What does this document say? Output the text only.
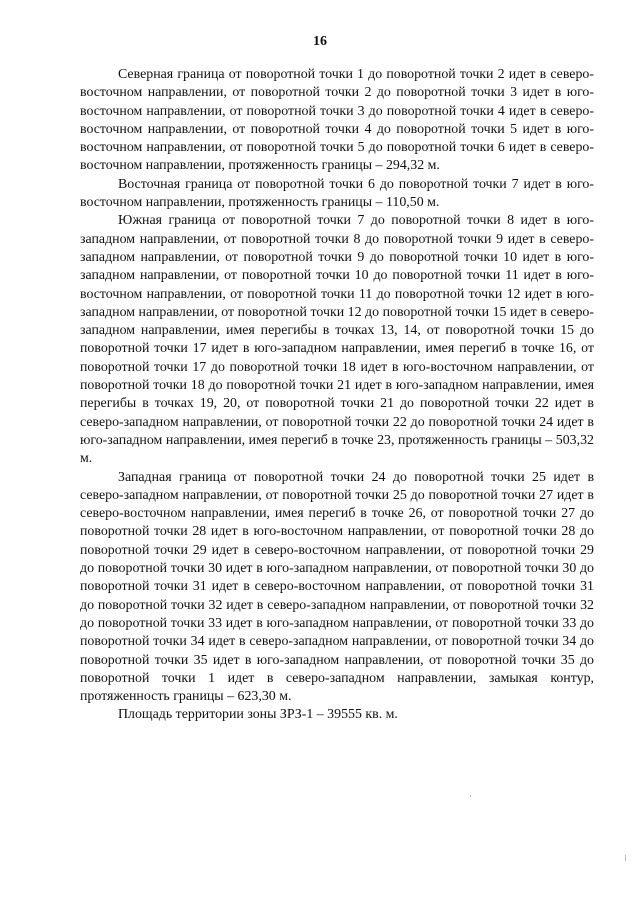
16

Северная граница от поворотной точки 1 до поворотной точки 2 идет в северо-восточном направлении, от поворотной точки 2 до поворотной точки 3 идет в юго-восточном направлении, от поворотной точки 3 до поворотной точки 4 идет в северо-восточном направлении, от поворотной точки 4 до поворотной точки 5 идет в юго-восточном направлении, от поворотной точки 5 до поворотной точки 6 идет в северо-восточном направлении, протяженность границы – 294,32 м.

Восточная граница от поворотной точки 6 до поворотной точки 7 идет в юго-восточном направлении, протяженность границы – 110,50 м.

Южная граница от поворотной точки 7 до поворотной точки 8 идет в юго-западном направлении, от поворотной точки 8 до поворотной точки 9 идет в северо-западном направлении, от поворотной точки 9 до поворотной точки 10 идет в юго-западном направлении, от поворотной точки 10 до поворотной точки 11 идет в юго-восточном направлении, от поворотной точки 11 до поворотной точки 12 идет в юго-западном направлении, от поворотной точки 12 до поворотной точки 15 идет в северо-западном направлении, имея перегибы в точках 13, 14, от поворотной точки 15 до поворотной точки 17 идет в юго-западном направлении, имея перегиб в точке 16, от поворотной точки 17 до поворотной точки 18 идет в юго-восточном направлении, от поворотной точки 18 до поворотной точки 21 идет в юго-западном направлении, имея перегибы в точках 19, 20, от поворотной точки 21 до поворотной точки 22 идет в северо-западном направлении, от поворотной точки 22 до поворотной точки 24 идет в юго-западном направлении, имея перегиб в точке 23, протяженность границы – 503,32 м.

Западная граница от поворотной точки 24 до поворотной точки 25 идет в северо-западном направлении, от поворотной точки 25 до поворотной точки 27 идет в северо-восточном направлении, имея перегиб в точке 26, от поворотной точки 27 до поворотной точки 28 идет в юго-восточном направлении, от поворотной точки 28 до поворотной точки 29 идет в северо-восточном направлении, от поворотной точки 29 до поворотной точки 30 идет в юго-западном направлении, от поворотной точки 30 до поворотной точки 31 идет в северо-восточном направлении, от поворотной точки 31 до поворотной точки 32 идет в северо-западном направлении, от поворотной точки 32 до поворотной точки 33 идет в юго-западном направлении, от поворотной точки 33 до поворотной точки 34 идет в северо-западном направлении, от поворотной точки 34 до поворотной точки 35 идет в юго-западном направлении, от поворотной точки 35 до поворотной точки 1 идет в северо-западном направлении, замыкая контур, протяженность границы – 623,30 м.

Площадь территории зоны ЗРЗ-1 – 39555 кв. м.
